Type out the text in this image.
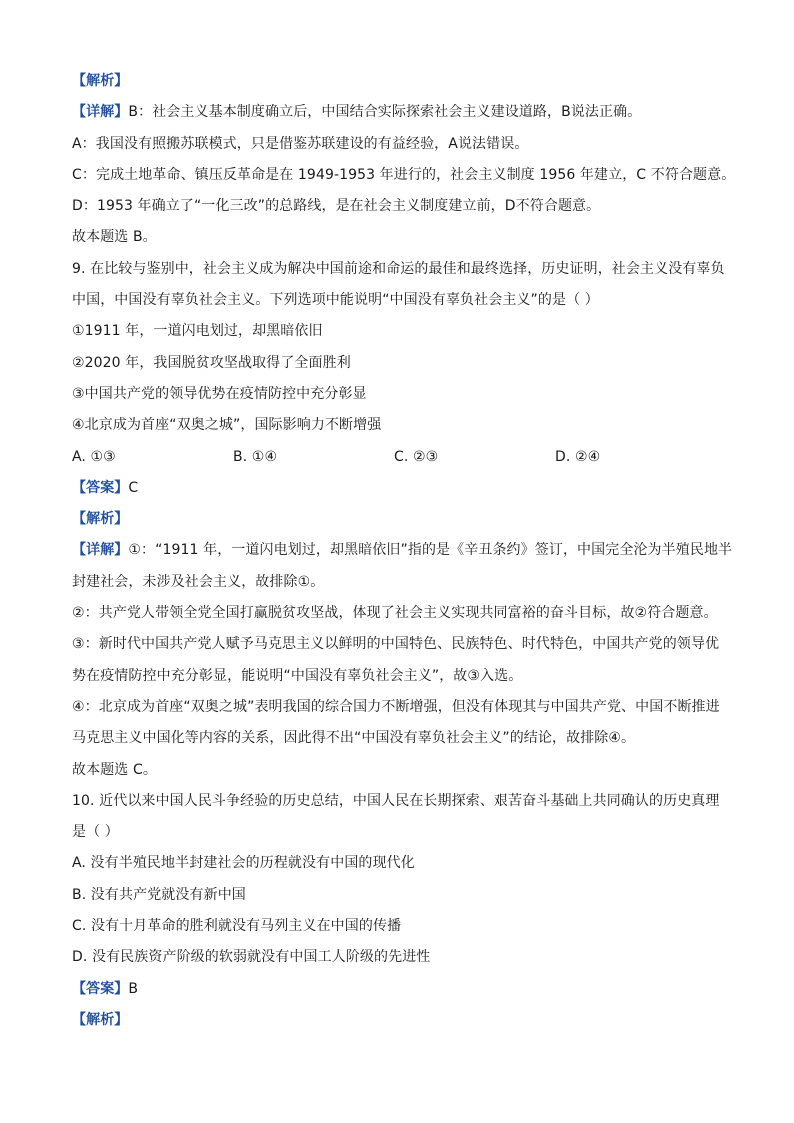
【解析】
【详解】B：社会主义基本制度确立后，中国结合实际探索社会主义建设道路，B说法正确。
A：我国没有照搬苏联模式，只是借鉴苏联建设的有益经验，A说法错误。
C：完成土地革命、镇压反革命是在 1949-1953 年进行的，社会主义制度 1956 年建立，C 不符合题意。
D：1953 年确立了“一化三改”的总路线，是在社会主义制度建立前，D不符合题意。
故本题选 B。
9. 在比较与鉴别中，社会主义成为解决中国前途和命运的最佳和最终选择，历史证明，社会主义没有辜负
中国，中国没有辜负社会主义。下列选项中能说明“中国没有辜负社会主义”的是（ ）
①1911 年，一道闪电划过，却黑暗依旧
②2020 年，我国脱贫攻坚战取得了全面胜利
③中国共产党的领导优势在疫情防控中充分彰显
④北京成为首座“双奥之城”，国际影响力不断增强
A. ①③	B. ①④	C. ②③	D. ②④
【答案】C
【解析】
【详解】①：“1911 年，一道闪电划过，却黑暗依旧”指的是《辛丑条约》签订，中国完全沦为半殖民地半
封建社会，未涉及社会主义，故排除①。
②：共产党人带领全党全国打赢脱贫攻坚战，体现了社会主义实现共同富裕的奋斗目标，故②符合题意。
③：新时代中国共产党人赋予马克思主义以鲜明的中国特色、民族特色、时代特色，中国共产党的领导优
势在疫情防控中充分彰显，能说明“中国没有辜负社会主义”，故③入选。
④：北京成为首座“双奥之城”表明我国的综合国力不断增强，但没有体现其与中国共产党、中国不断推进
马克思主义中国化等内容的关系，因此得不出“中国没有辜负社会主义”的结论，故排除④。
故本题选 C。
10. 近代以来中国人民斗争经验的历史总结，中国人民在长期探索、艰苦奋斗基础上共同确认的历史真理
是（ ）
A. 没有半殖民地半封建社会的历程就没有中国的现代化
B. 没有共产党就没有新中国
C. 没有十月革命的胜利就没有马列主义在中国的传播
D. 没有民族资产阶级的软弱就没有中国工人阶级的先进性
【答案】B
【解析】
